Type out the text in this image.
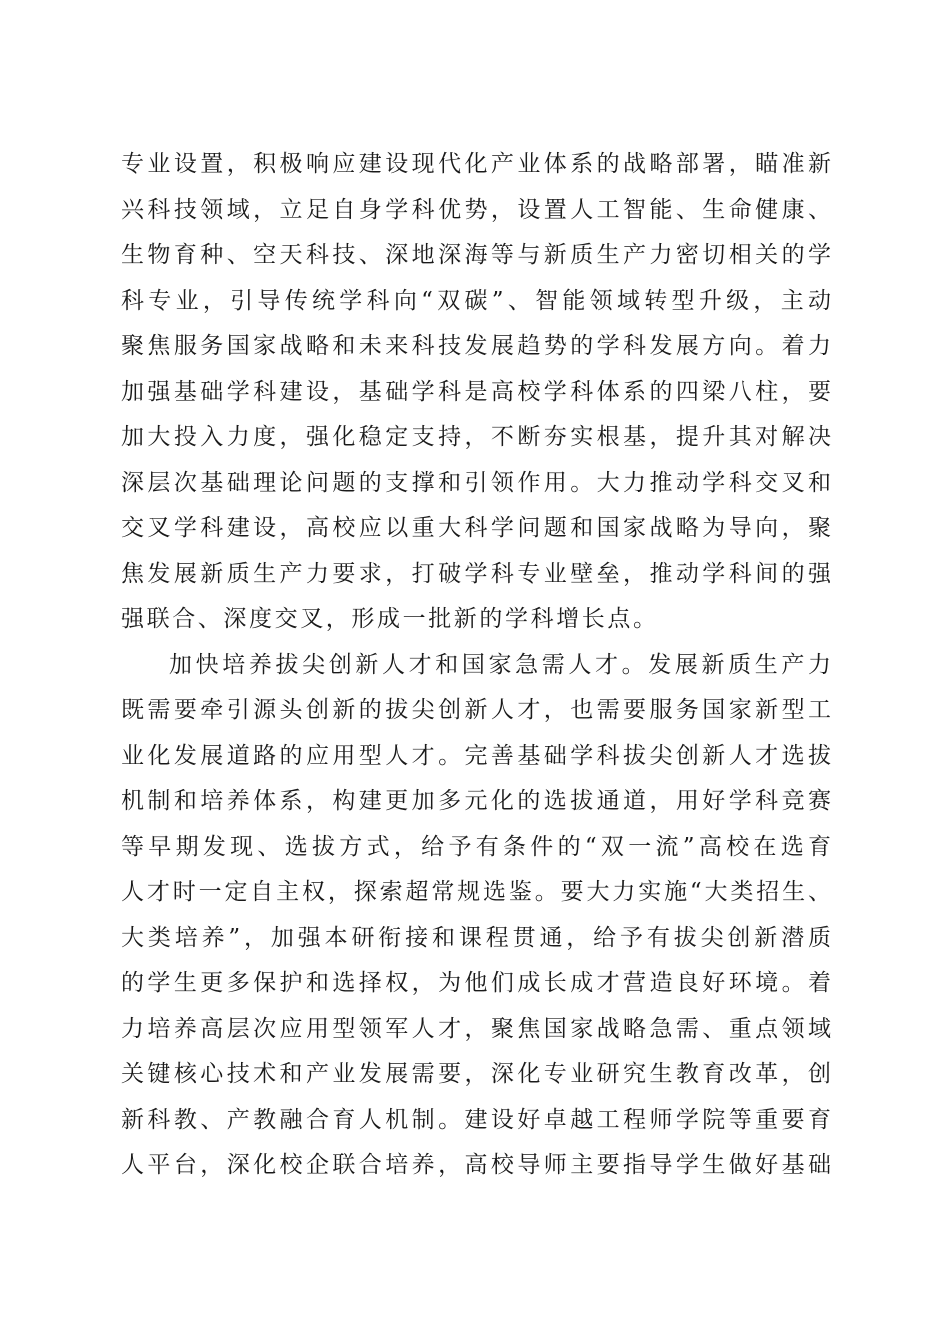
专业设置，积极响应建设现代化产业体系的战略部署，瞄准新
兴科技领域，立足自身学科优势，设置人工智能、生命健康、
生物育种、空天科技、深地深海等与新质生产力密切相关的学
科专业，引导传统学科向“双碳”、智能领域转型升级，主动
聚焦服务国家战略和未来科技发展趋势的学科发展方向。着力
加强基础学科建设，基础学科是高校学科体系的四梁八柱，要
加大投入力度，强化稳定支持，不断夯实根基，提升其对解决
深层次基础理论问题的支撑和引领作用。大力推动学科交叉和
交叉学科建设，高校应以重大科学问题和国家战略为导向，聚
焦发展新质生产力要求，打破学科专业壁垒，推动学科间的强
强联合、深度交叉，形成一批新的学科增长点。
加快培养拔尖创新人才和国家急需人才。发展新质生产力
既需要牵引源头创新的拔尖创新人才，也需要服务国家新型工
业化发展道路的应用型人才。完善基础学科拔尖创新人才选拔
机制和培养体系，构建更加多元化的选拔通道，用好学科竞赛
等早期发现、选拔方式，给予有条件的“双一流”高校在选育
人才时一定自主权，探索超常规选鉴。要大力实施“大类招生、
大类培养”，加强本研衔接和课程贯通，给予有拔尖创新潜质
的学生更多保护和选择权，为他们成长成才营造良好环境。着
力培养高层次应用型领军人才，聚焦国家战略急需、重点领域
关键核心技术和产业发展需要，深化专业研究生教育改革，创
新科教、产教融合育人机制。建设好卓越工程师学院等重要育
人平台，深化校企联合培养，高校导师主要指导学生做好基础
